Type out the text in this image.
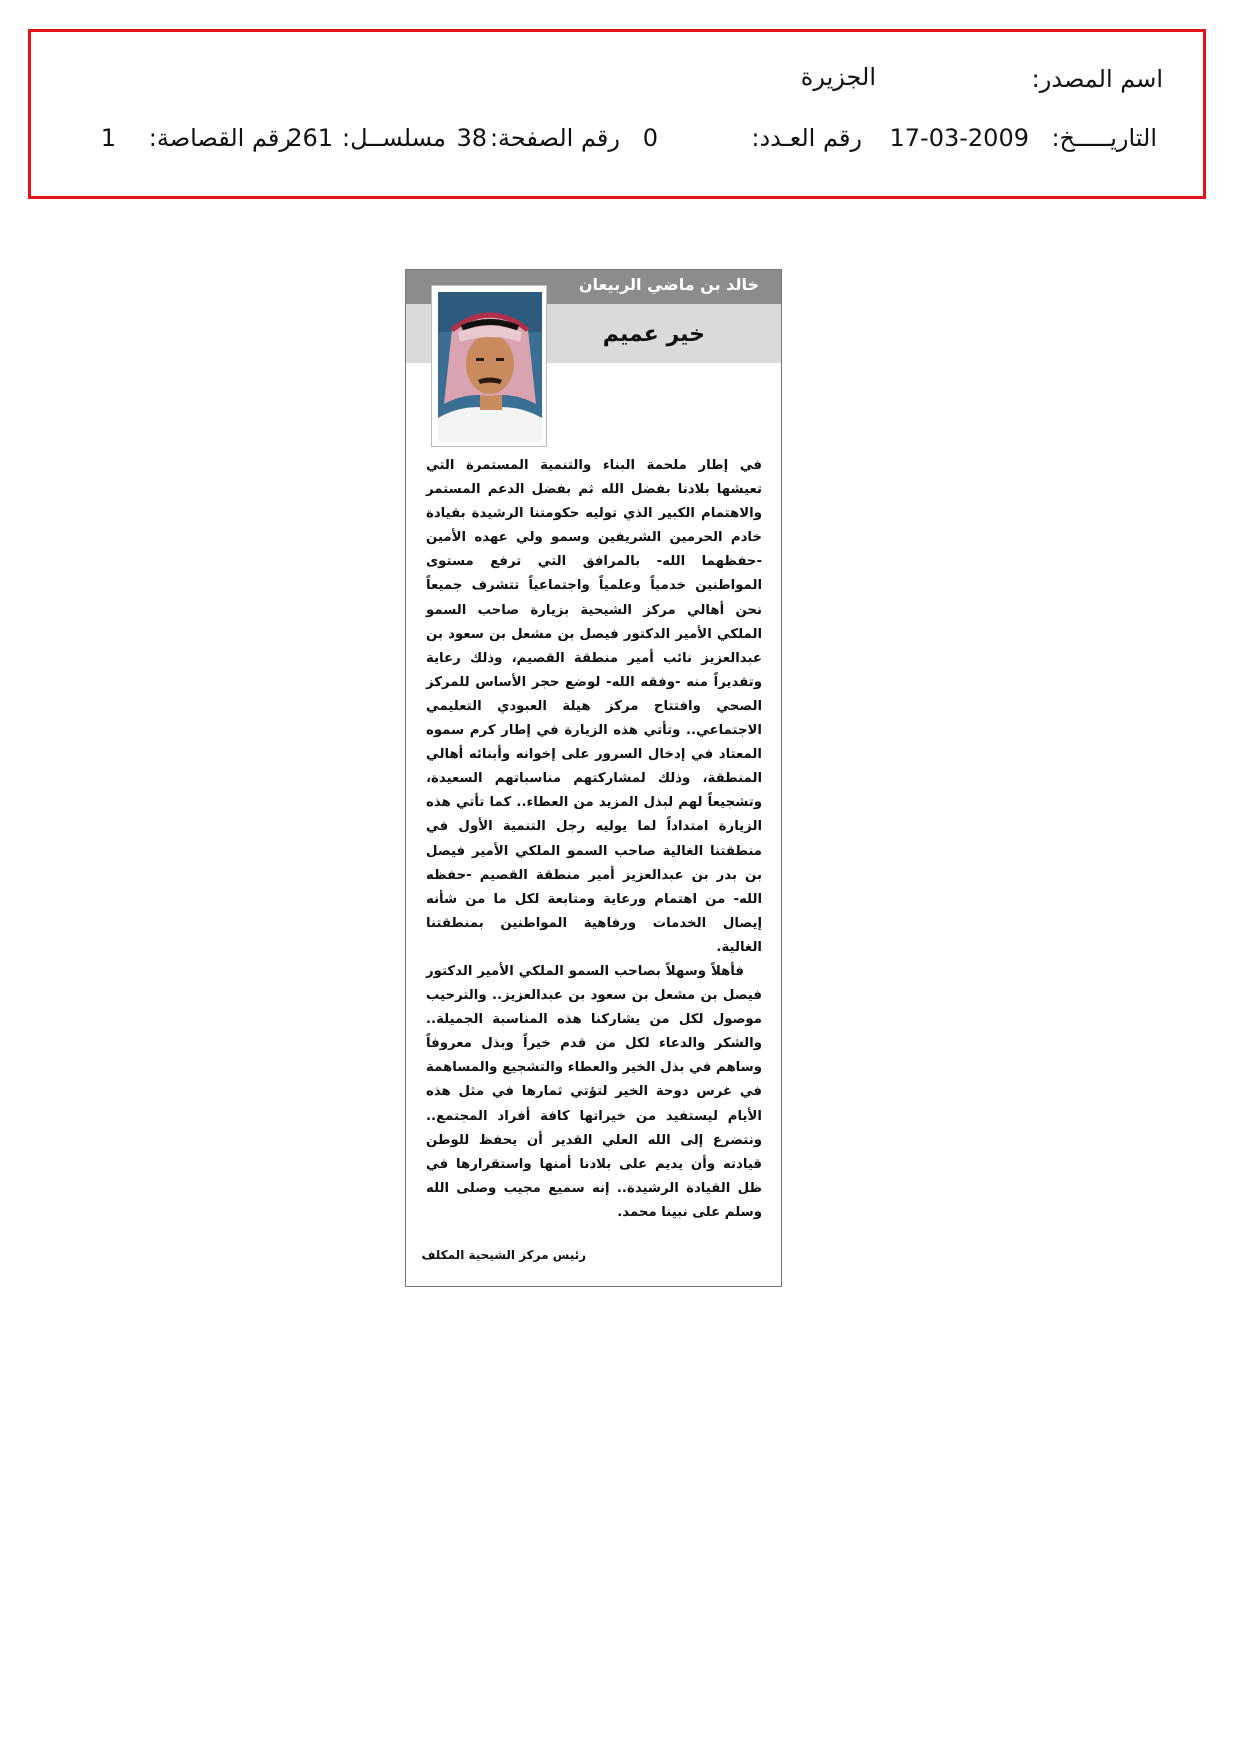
اسم المصدر:
الجزيرة
التاريـــــخ:
17-03-2009
رقم العـدد:
0
رقم الصفحة:
38
مسلســل:
261
رقم القصاصة:
1
خالد بن ماضي الربيعان
خير عميم

في إطار ملحمة البناء والتنمية المستمرة التي تعيشها بلادنا بفضل الله ثم بفضل الدعم المستمر والاهتمام الكبير الذي توليه حكومتنا الرشيدة بقيادة خادم الحرمين الشريفين وسمو ولي عهده الأمين -حفظهما الله- بالمرافق التي ترفع مستوى المواطنين خدمياً وعلمياً واجتماعياً تتشرف جميعاً نحن أهالي مركز الشيحية بزيارة صاحب السمو الملكي الأمير الدكتور فيصل بن مشعل بن سعود بن عبدالعزيز نائب أمير منطقة القصيم، وذلك رعاية وتقديراً منه -وفقه الله- لوضع حجر الأساس للمركز الصحي وافتتاح مركز هيلة العبودي التعليمي الاجتماعي.. وتأتي هذه الزيارة في إطار كرم سموه المعتاد في إدخال السرور على إخوانه وأبنائه أهالي المنطقة، وذلك لمشاركتهم مناسباتهم السعيدة، وتشجيعاً لهم لبذل المزيد من العطاء.. كما تأتي هذه الزيارة امتداداً لما يوليه رجل التنمية الأول في منطقتنا الغالية صاحب السمو الملكي الأمير فيصل بن بدر بن عبدالعزيز أمير منطقة القصيم -حفظه الله- من اهتمام ورعاية ومتابعة لكل ما من شأنه إيصال الخدمات ورفاهية المواطنين بمنطقتنا الغالية.

فأهلاً وسهلاً بصاحب السمو الملكي الأمير الدكتور فيصل بن مشعل بن سعود بن عبدالعزيز.. والترحيب موصول لكل من يشاركنا هذه المناسبة الجميلة.. والشكر والدعاء لكل من قدم خيراً وبذل معروفاً وساهم في بذل الخير والعطاء والتشجيع والمساهمة في غرس دوحة الخير لتؤتي ثمارها في مثل هذه الأيام ليستفيد من خيراتها كافة أفراد المجتمع.. ونتضرع إلى الله العلي القدير أن يحفظ للوطن قيادته وأن يديم على بلادنا أمنها واستقرارها في ظل القيادة الرشيدة.. إنه سميع مجيب وصلى الله وسلم على نبينا محمد.

رئيس مركز الشيحية المكلف
